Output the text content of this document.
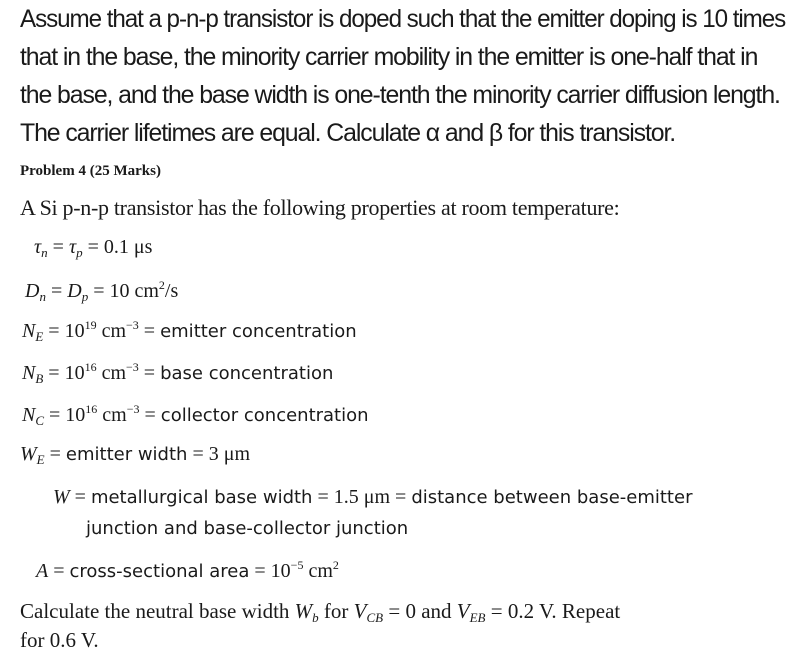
Assume that a p-n-p transistor is doped such that the emitter doping is 10 times
that in the base, the minority carrier mobility in the emitter is one-half that in
the base, and the base width is one-tenth the minority carrier diffusion length.
The carrier lifetimes are equal. Calculate α and β for this transistor.
Problem 4 (25 Marks)
A Si p-n-p transistor has the following properties at room temperature:
$\tau_n = \tau_p = 0.1$ μs
$D_n = D_p = 10$ $cm^2/s$
$N_E = 10^{19}$ $cm^{-3}$ = emitter concentration
$N_B = 10^{16}$ $cm^{-3}$ = base concentration
$N_C = 10^{16}$ $cm^{-3}$ = collector concentration
$W_E$ = emitter width = 3 μm
W = metallurgical base width = 1.5 μm = distance between base-emitter
junction and base-collector junction
A = cross-sectional area = $10^{-5}$ $cm^2$
Calculate the neutral base width $W_b$ for $V_{CB} = 0$ and $V_{EB} = 0.2$ V. Repeat
for 0.6 V.
